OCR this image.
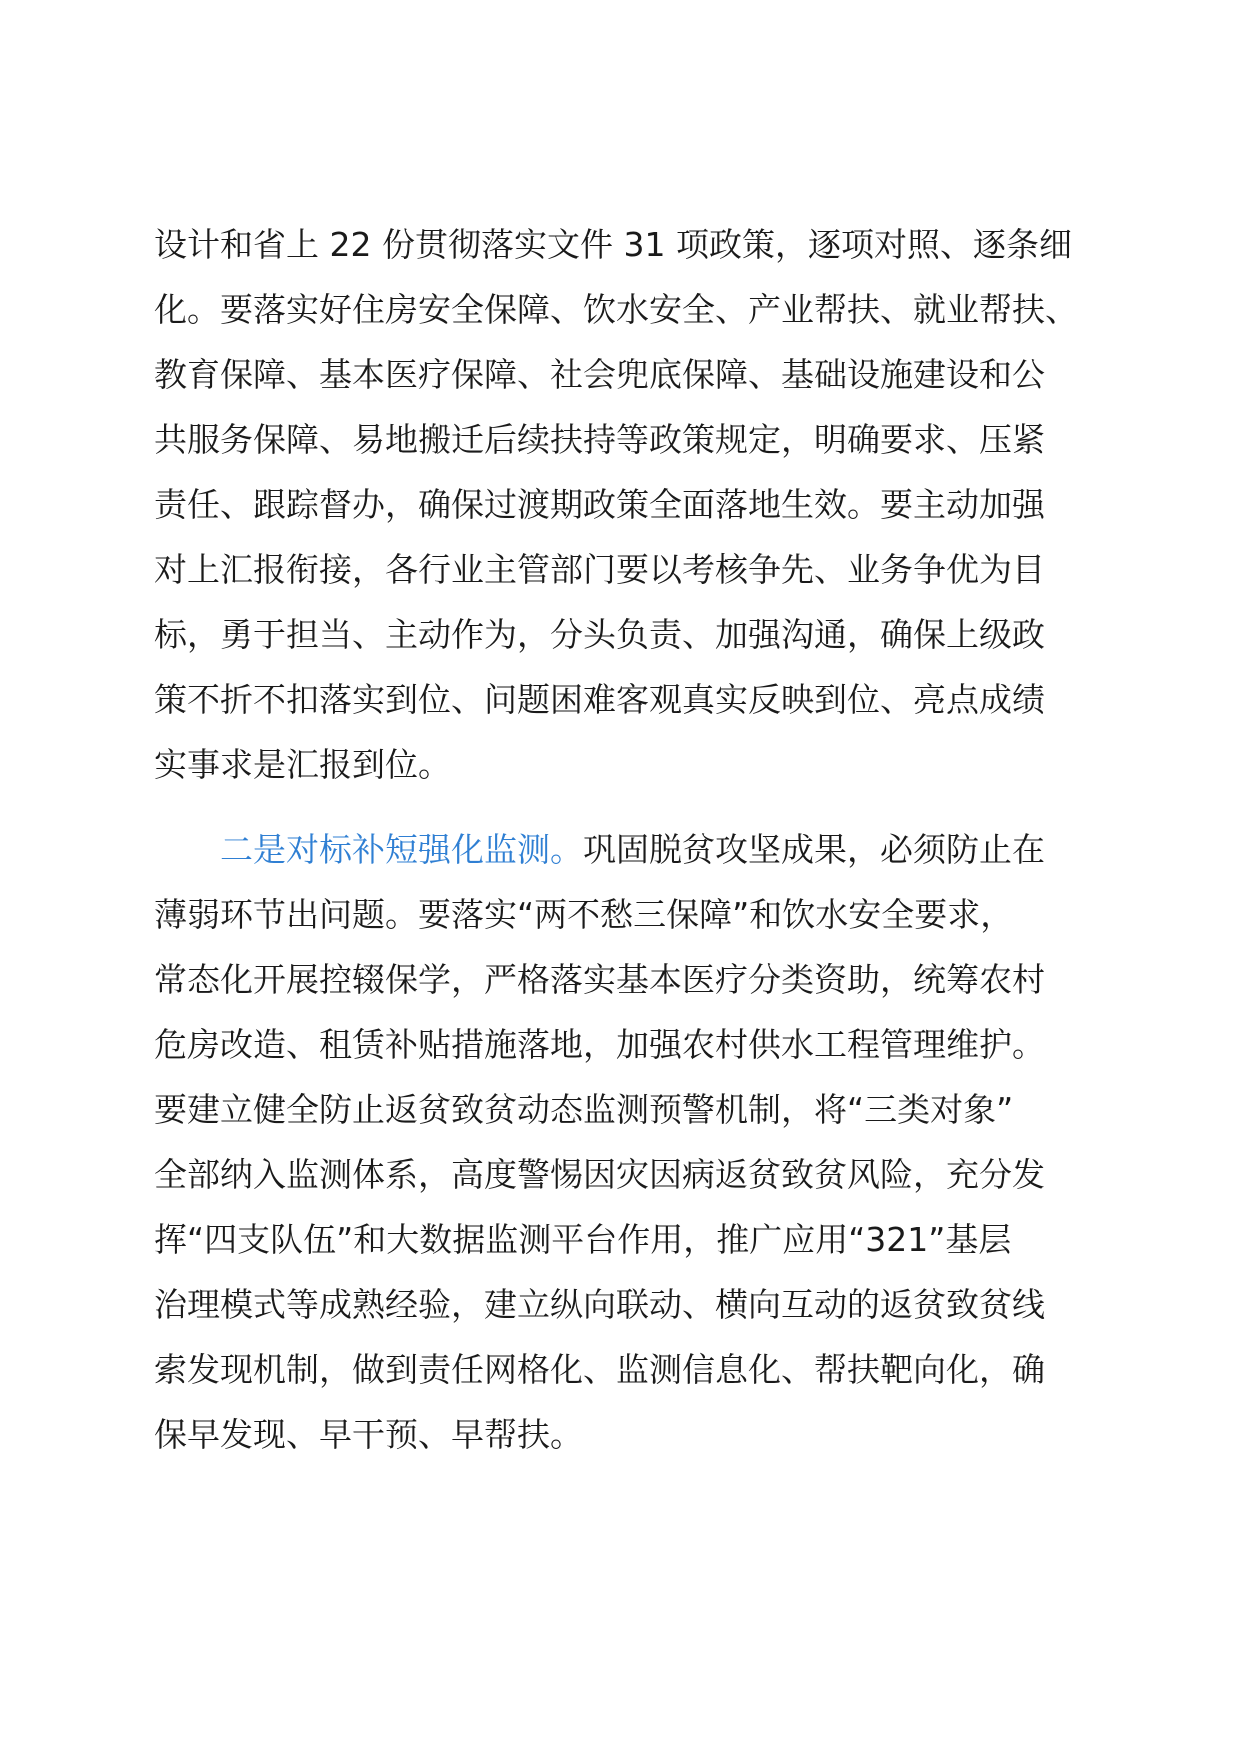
设计和省上 22 份贯彻落实文件 31 项政策，逐项对照、逐条细
化。要落实好住房安全保障、饮水安全、产业帮扶、就业帮扶、
教育保障、基本医疗保障、社会兜底保障、基础设施建设和公
共服务保障、易地搬迁后续扶持等政策规定，明确要求、压紧
责任、跟踪督办，确保过渡期政策全面落地生效。要主动加强
对上汇报衔接，各行业主管部门要以考核争先、业务争优为目
标，勇于担当、主动作为，分头负责、加强沟通，确保上级政
策不折不扣落实到位、问题困难客观真实反映到位、亮点成绩
实事求是汇报到位。
二是对标补短强化监测。巩固脱贫攻坚成果，必须防止在
薄弱环节出问题。要落实“两不愁三保障”和饮水安全要求，
常态化开展控辍保学，严格落实基本医疗分类资助，统筹农村
危房改造、租赁补贴措施落地，加强农村供水工程管理维护。
要建立健全防止返贫致贫动态监测预警机制，将“三类对象”
全部纳入监测体系，高度警惕因灾因病返贫致贫风险，充分发
挥“四支队伍”和大数据监测平台作用，推广应用“321”基层
治理模式等成熟经验，建立纵向联动、横向互动的返贫致贫线
索发现机制，做到责任网格化、监测信息化、帮扶靶向化，确
保早发现、早干预、早帮扶。
